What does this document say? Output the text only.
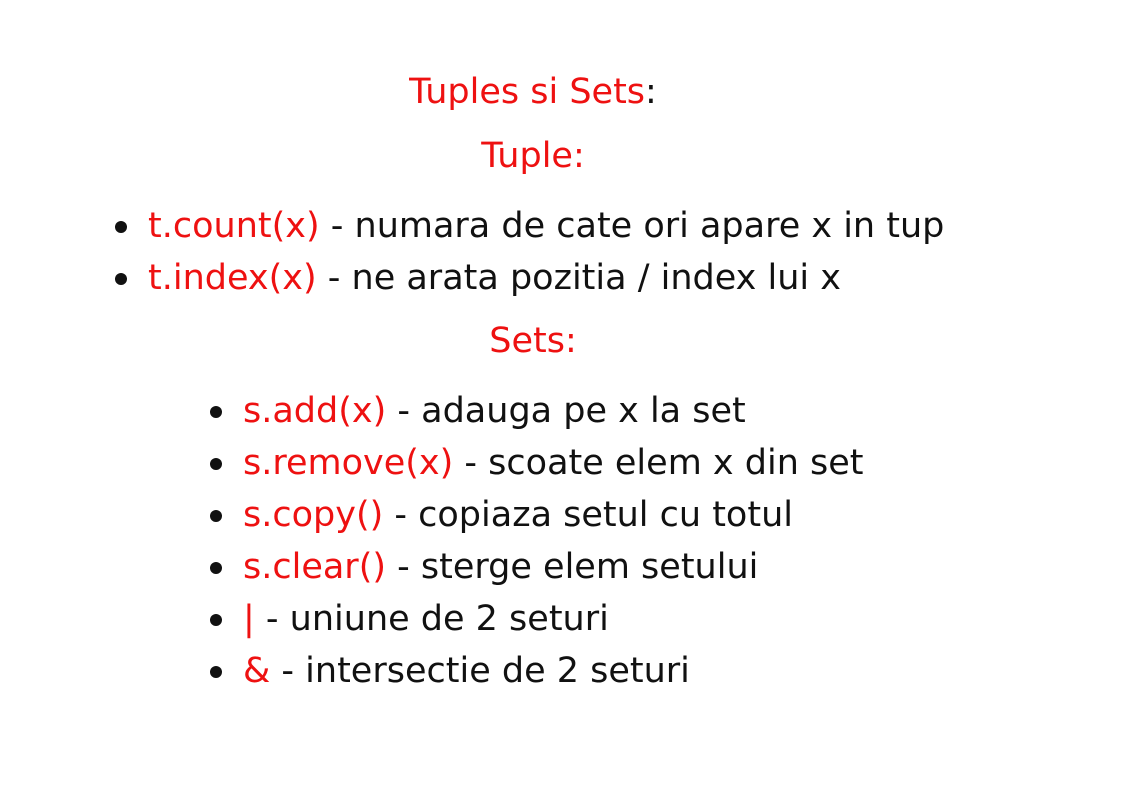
Tuples si Sets:
Tuple:
t.count(x) - numara de cate ori apare x in tup
t.index(x) - ne arata pozitia / index lui x
Sets:
s.add(x) - adauga pe x la set
s.remove(x) - scoate elem x din set
s.copy() - copiaza setul cu totul
s.clear() - sterge elem setului
| - uniune de 2 seturi
& - intersectie de 2 seturi
